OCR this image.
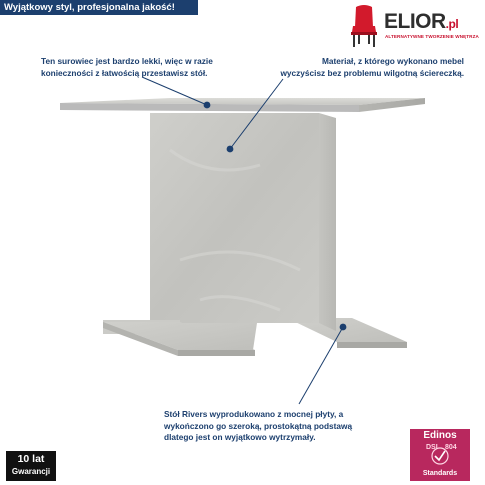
Wyjątkowy styl, profesjonalna jakość!
ELIOR.pl
ALTERNATYWNE TWORZENIE WNĘTRZA
Ten surowiec jest bardzo lekki, więc w razie
konieczności z łatwością przestawisz stół.
Materiał, z którego wykonano mebel
wyczyścisz bez problemu wilgotną ściereczką.
Stół Rivers wyprodukowano z mocnej płyty, a
wykończono go szeroką, prostokątną podstawą
dlatego jest on wyjątkowo wytrzymały.
10 lat
Gwarancji
Edinos
DSI 804
Standards
